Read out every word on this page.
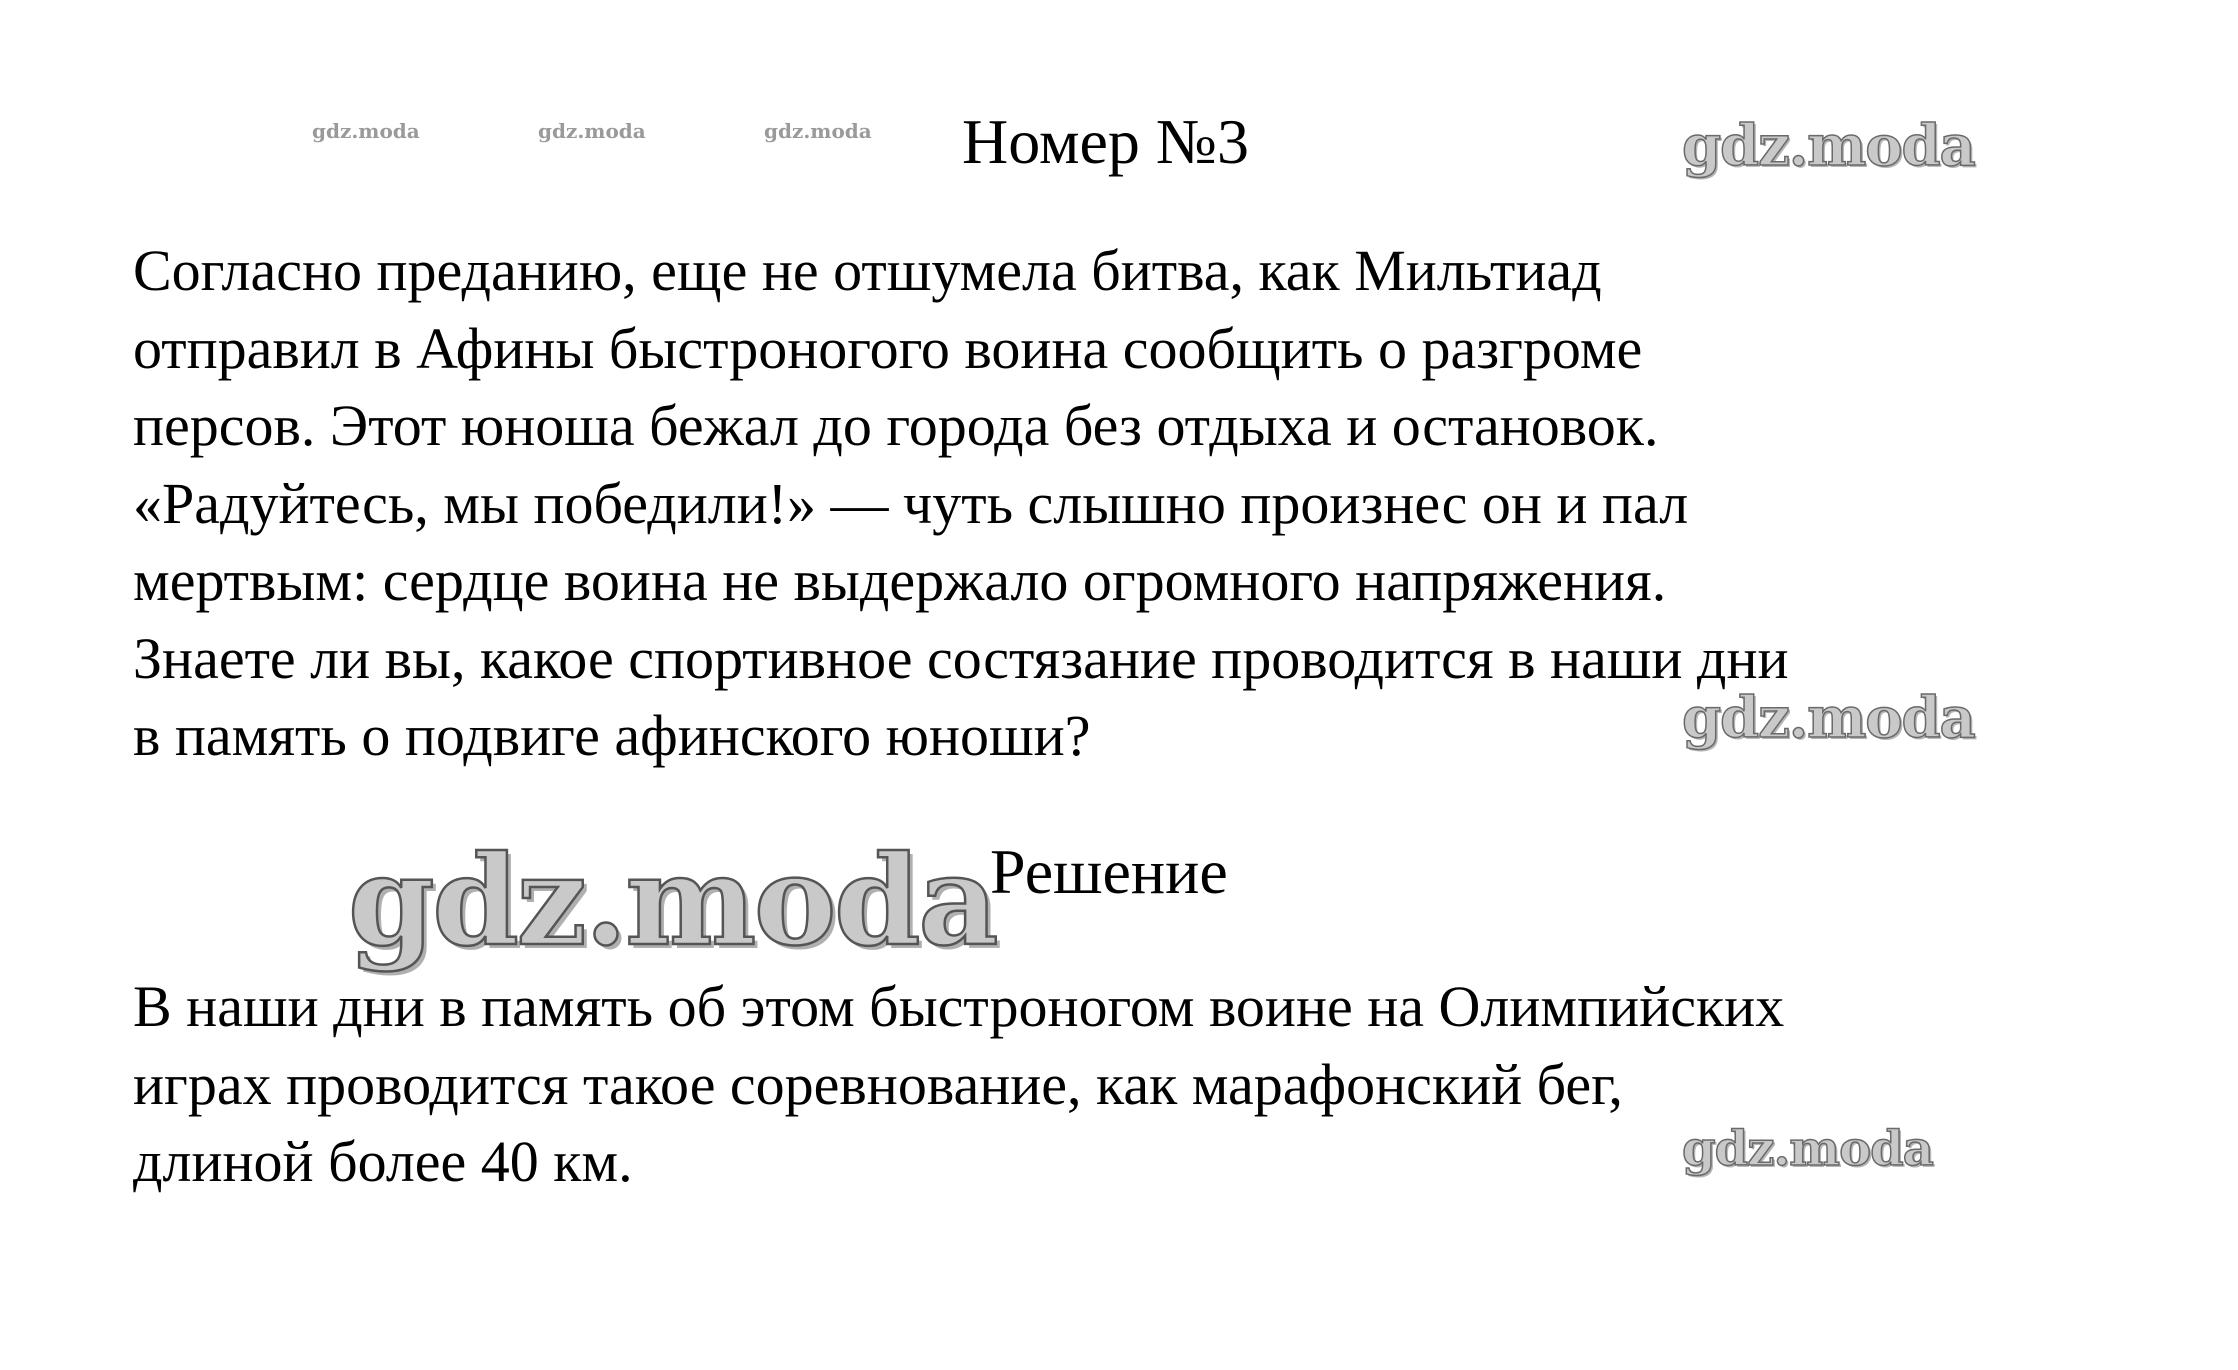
gdz.moda	gdz.moda	gdz.moda Номер №3	gdz.moda
Согласно преданию, еще не отшумела битва, как Мильтиад
отправил в Афины быстроногого воина сообщить о разгроме
персов. Этот юноша бежал до города без отдыха и остановок.
«Радуйтесь, мы победили!» — чуть слышно произнес он и пал
мертвым: сердце воина не выдержало огромного напряжения.
Знаете ли вы, какое спортивное состязание проводится в наши дни
в память о подвиге афинского юноши?	gdz.moda
gdz.moda
Решение
В наши дни в память об этом быстроногом воине на Олимпийских
играх проводится такое соревнование, как марафонский бег,
длиной более 40 км.	gdz.moda
